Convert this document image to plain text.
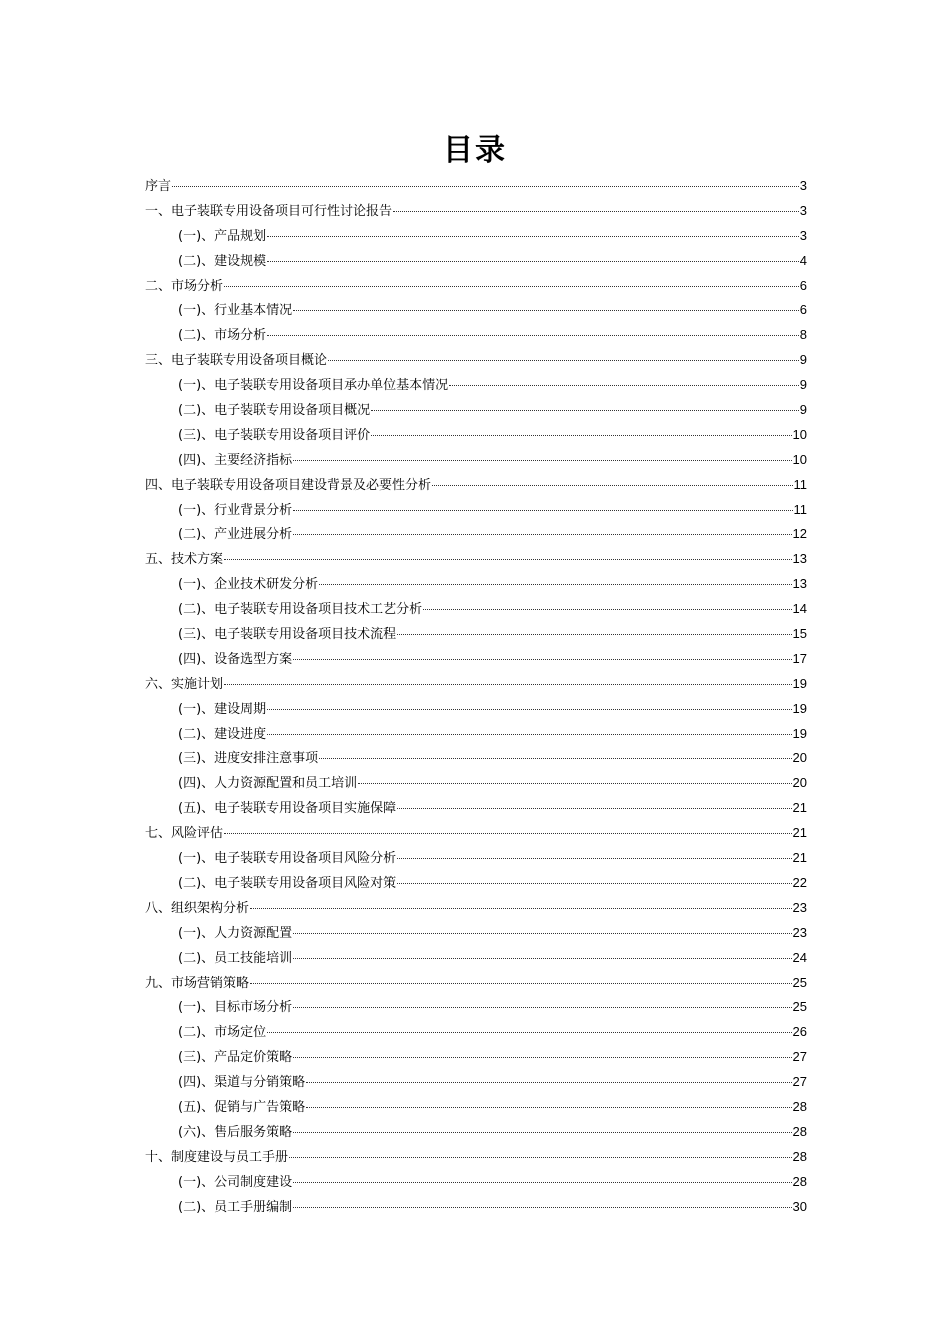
目录
序言	3
一、电子装联专用设备项目可行性讨论报告	3
(一)、产品规划	3
(二)、建设规模	4
二、市场分析	6
(一)、行业基本情况	6
(二)、市场分析	8
三、电子装联专用设备项目概论	9
(一)、电子装联专用设备项目承办单位基本情况	9
(二)、电子装联专用设备项目概况	9
(三)、电子装联专用设备项目评价	10
(四)、主要经济指标	10
四、电子装联专用设备项目建设背景及必要性分析	11
(一)、行业背景分析	11
(二)、产业进展分析	12
五、技术方案	13
(一)、企业技术研发分析	13
(二)、电子装联专用设备项目技术工艺分析	14
(三)、电子装联专用设备项目技术流程	15
(四)、设备选型方案	17
六、实施计划	19
(一)、建设周期	19
(二)、建设进度	19
(三)、进度安排注意事项	20
(四)、人力资源配置和员工培训	20
(五)、电子装联专用设备项目实施保障	21
七、风险评估	21
(一)、电子装联专用设备项目风险分析	21
(二)、电子装联专用设备项目风险对策	22
八、组织架构分析	23
(一)、人力资源配置	23
(二)、员工技能培训	24
九、市场营销策略	25
(一)、目标市场分析	25
(二)、市场定位	26
(三)、产品定价策略	27
(四)、渠道与分销策略	27
(五)、促销与广告策略	28
(六)、售后服务策略	28
十、制度建设与员工手册	28
(一)、公司制度建设	28
(二)、员工手册编制	30
